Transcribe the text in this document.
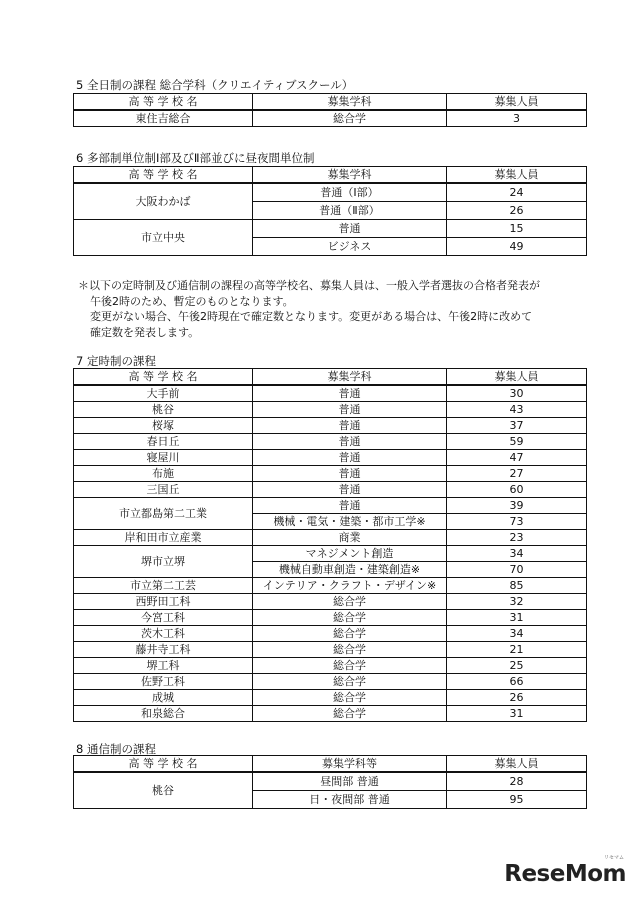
5 全日制の課程 総合学科（クリエイティブスクール）
高 等 学 校 名	募集学科	募集人員
東住吉総合	総合学	3
6 多部制単位制Ⅰ部及びⅡ部並びに昼夜間単位制
高 等 学 校 名	募集学科	募集人員
大阪わかば	普通（Ⅰ部）	24
	普通（Ⅱ部）	26
市立中央	普通	15
	ビジネス	49
＊以下の定時制及び通信制の課程の高等学校名、募集人員は、一般入学者選抜の合格者発表が
午後2時のため、暫定のものとなります。
変更がない場合、午後2時現在で確定数となります。変更がある場合は、午後2時に改めて
確定数を発表します。
7 定時制の課程
高 等 学 校 名	募集学科	募集人員
大手前	普通	30
桃谷	普通	43
桜塚	普通	37
春日丘	普通	59
寝屋川	普通	47
布施	普通	27
三国丘	普通	60
市立都島第二工業	普通	39
	機械・電気・建築・都市工学※	73
岸和田市立産業	商業	23
堺市立堺	マネジメント創造	34
	機械自動車創造・建築創造※	70
市立第二工芸	インテリア・クラフト・デザイン※	85
西野田工科	総合学	32
今宮工科	総合学	31
茨木工科	総合学	34
藤井寺工科	総合学	21
堺工科	総合学	25
佐野工科	総合学	66
成城	総合学	26
和泉総合	総合学	31
8 通信制の課程
高 等 学 校 名	募集学科等	募集人員
桃谷	昼間部 普通	28
	日・夜間部 普通	95
リセマム
ReseMom
